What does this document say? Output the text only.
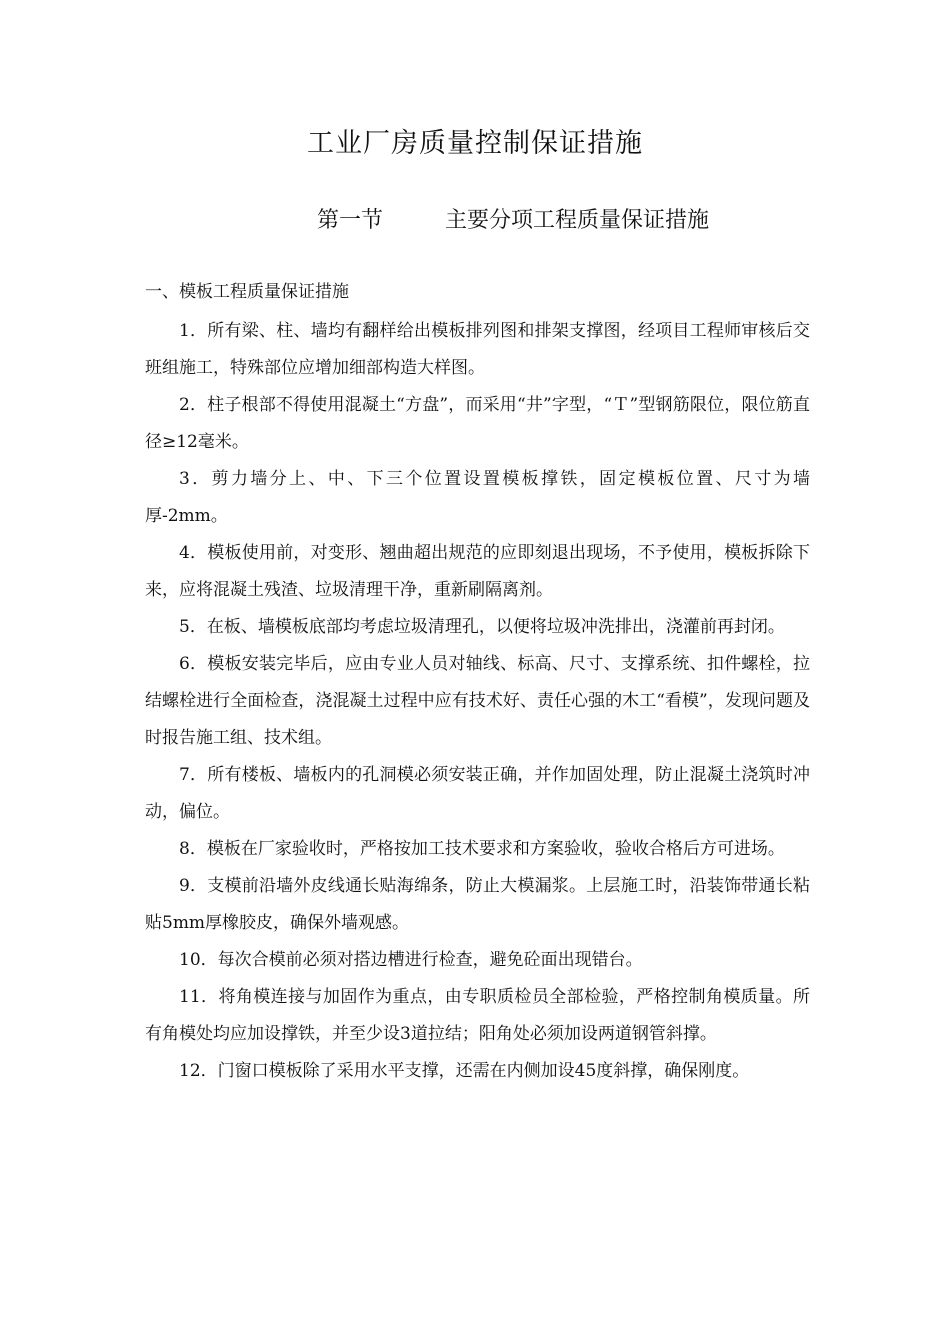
工业厂房质量控制保证措施
第一节	主要分项工程质量保证措施
一、模板工程质量保证措施

1．所有梁、柱、墙均有翻样给出模板排列图和排架支撑图，经项目工程师审核后交班组施工，特殊部位应增加细部构造大样图。

2．柱子根部不得使用混凝土“方盘”，而采用“井”字型，“Ｔ”型钢筋限位，限位筋直径≥12毫米。

3．剪力墙分上、中、下三个位置设置模板撑铁，固定模板位置、尺寸为墙厚-2mm。

4．模板使用前，对变形、翘曲超出规范的应即刻退出现场，不予使用，模板拆除下来，应将混凝土残渣、垃圾清理干净，重新刷隔离剂。

5．在板、墙模板底部均考虑垃圾清理孔，以便将垃圾冲洗排出，浇灌前再封闭。

6．模板安装完毕后，应由专业人员对轴线、标高、尺寸、支撑系统、扣件螺栓，拉结螺栓进行全面检查，浇混凝土过程中应有技术好、责任心强的木工“看模”，发现问题及时报告施工组、技术组。

7．所有楼板、墙板内的孔洞模必须安装正确，并作加固处理，防止混凝土浇筑时冲动，偏位。

8．模板在厂家验收时，严格按加工技术要求和方案验收，验收合格后方可进场。

9．支模前沿墙外皮线通长贴海绵条，防止大模漏浆。上层施工时，沿装饰带通长粘贴5mm厚橡胶皮，确保外墙观感。

10．每次合模前必须对搭边槽进行检查，避免砼面出现错台。

11．将角模连接与加固作为重点，由专职质检员全部检验，严格控制角模质量。所有角模处均应加设撑铁，并至少设3道拉结；阳角处必须加设两道钢管斜撑。

12．门窗口模板除了采用水平支撑，还需在内侧加设45度斜撑，确保刚度。
